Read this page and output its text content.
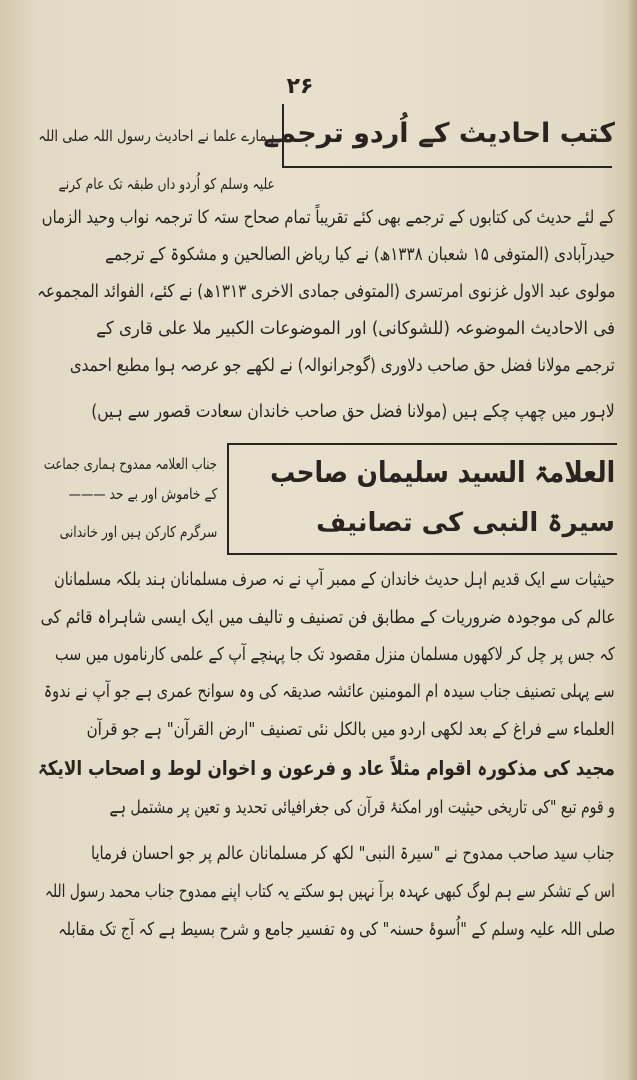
۲۶
کتب احادیث کے اُردو ترجمے
ہمارے علما نے احادیث رسول اللہ صلی اللہ
علیہ وسلم کو اُردو داں طبقہ تک عام کرنے
کے لئے حدیث کی کتابوں کے ترجمے بھی کئے تقریباً تمام صحاح ستہ کا ترجمہ نواب وحید الزماں
حیدرآبادی (المتوفی ۱۵ شعبان ۱۳۳۸ھ) نے کیا ریاض الصالحین و مشکوۃ کے ترجمے
مولوی عبد الاول غزنوی امرتسری (المتوفی جمادی الاخری ۱۳۱۳ھ) نے کئے، الفوائد المجموعہ
فی الاحادیث الموضوعہ (للشوکانی) اور الموضوعات الکبیر ملا علی قاری کے
ترجمے مولانا فضل حق صاحب دلاوری (گوجرانوالہ) نے لکھے جو عرصہ ہوا مطبع احمدی
لاہور میں چھپ چکے ہیں (مولانا فضل حق صاحب خاندان سعادت قصور سے ہیں)
العلامۃ السید سلیمان صاحب
سیرۃ النبی کی تصانیف
جناب العلامہ ممدوح ہماری جماعت
کے خاموش اور بے حد ———
سرگرم کارکن ہیں اور خاندانی
حیثیات سے ایک قدیم اہل حدیث خاندان کے ممبر آپ نے نہ صرف مسلمانان ہند بلکہ مسلمانان
عالم کی موجودہ ضروریات کے مطابق فن تصنیف و تالیف میں ایک ایسی شاہراہ قائم کی
کہ جس پر چل کر لاکھوں مسلمان منزل مقصود تک جا پہنچے آپ کے علمی کارناموں میں سب
سے پہلی تصنیف جناب سیدہ ام المومنین عائشہ صدیقہ کی وہ سوانح عمری ہے جو آپ نے ندوۃ
العلماء سے فراغ کے بعد لکھی اردو میں بالکل نئی تصنیف "ارض القرآن" ہے جو قرآن
مجید کی مذکورہ اقوام مثلاً عاد و فرعون و اخوان لوط و اصحاب الایکۃ
و قوم تبع "کی تاریخی حیثیت اور امکنۂ قرآن کی جغرافیائی تحدید و تعین پر مشتمل ہے
جناب سید صاحب ممدوح نے "سیرۃ النبی" لکھ کر مسلمانان عالم پر جو احسان فرمایا
اس کے تشکر سے ہم لوگ کبھی عہدہ برآ نہیں ہو سکتے یہ کتاب اپنے ممدوح جناب محمد رسول اللہ
صلی اللہ علیہ وسلم کے "اُسوۂ حسنہ" کی وہ تفسیر جامع و شرح بسیط ہے کہ آج تک مقابلہ
